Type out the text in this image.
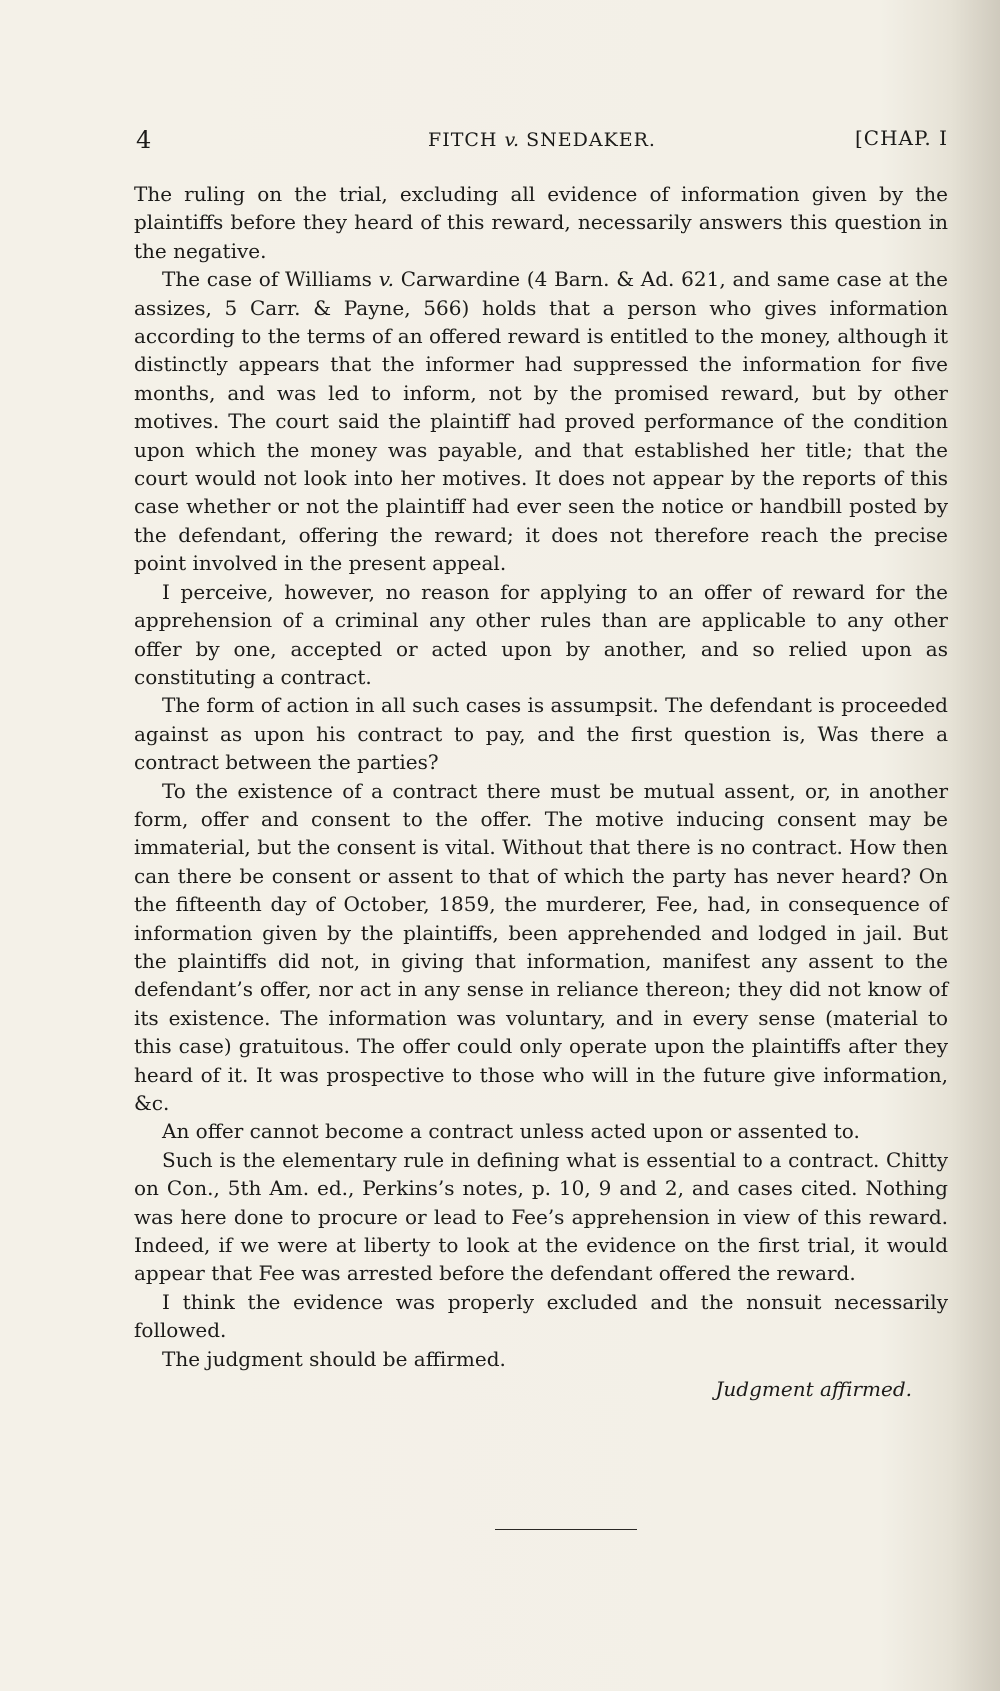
4	FITCH v. SNEDAKER.	[CHAP. I

The ruling on the trial, excluding all evidence of information given by the plaintiffs before they heard of this reward, necessarily answers this question in the negative.

The case of Williams v. Carwardine (4 Barn. & Ad. 621, and same case at the assizes, 5 Carr. & Payne, 566) holds that a person who gives information according to the terms of an offered reward is entitled to the money, although it distinctly appears that the informer had suppressed the information for five months, and was led to inform, not by the promised reward, but by other motives. The court said the plaintiff had proved performance of the condition upon which the money was payable, and that established her title; that the court would not look into her motives. It does not appear by the reports of this case whether or not the plaintiff had ever seen the notice or handbill posted by the defendant, offering the reward; it does not therefore reach the precise point involved in the present appeal.

I perceive, however, no reason for applying to an offer of reward for the apprehension of a criminal any other rules than are applicable to any other offer by one, accepted or acted upon by another, and so relied upon as constituting a contract.

The form of action in all such cases is assumpsit. The defendant is proceeded against as upon his contract to pay, and the first question is, Was there a contract between the parties?

To the existence of a contract there must be mutual assent, or, in another form, offer and consent to the offer. The motive inducing consent may be immaterial, but the consent is vital. Without that there is no contract. How then can there be consent or assent to that of which the party has never heard? On the fifteenth day of October, 1859, the murderer, Fee, had, in consequence of information given by the plaintiffs, been apprehended and lodged in jail. But the plaintiffs did not, in giving that information, manifest any assent to the defendant’s offer, nor act in any sense in reliance thereon; they did not know of its existence. The information was voluntary, and in every sense (material to this case) gratuitous. The offer could only operate upon the plaintiffs after they heard of it. It was prospective to those who will in the future give information, &c.

An offer cannot become a contract unless acted upon or assented to.

Such is the elementary rule in defining what is essential to a contract. Chitty on Con., 5th Am. ed., Perkins’s notes, p. 10, 9 and 2, and cases cited. Nothing was here done to procure or lead to Fee’s apprehension in view of this reward. Indeed, if we were at liberty to look at the evidence on the first trial, it would appear that Fee was arrested before the defendant offered the reward.

I think the evidence was properly excluded and the nonsuit necessarily followed.

The judgment should be affirmed.

Judgment affirmed.
